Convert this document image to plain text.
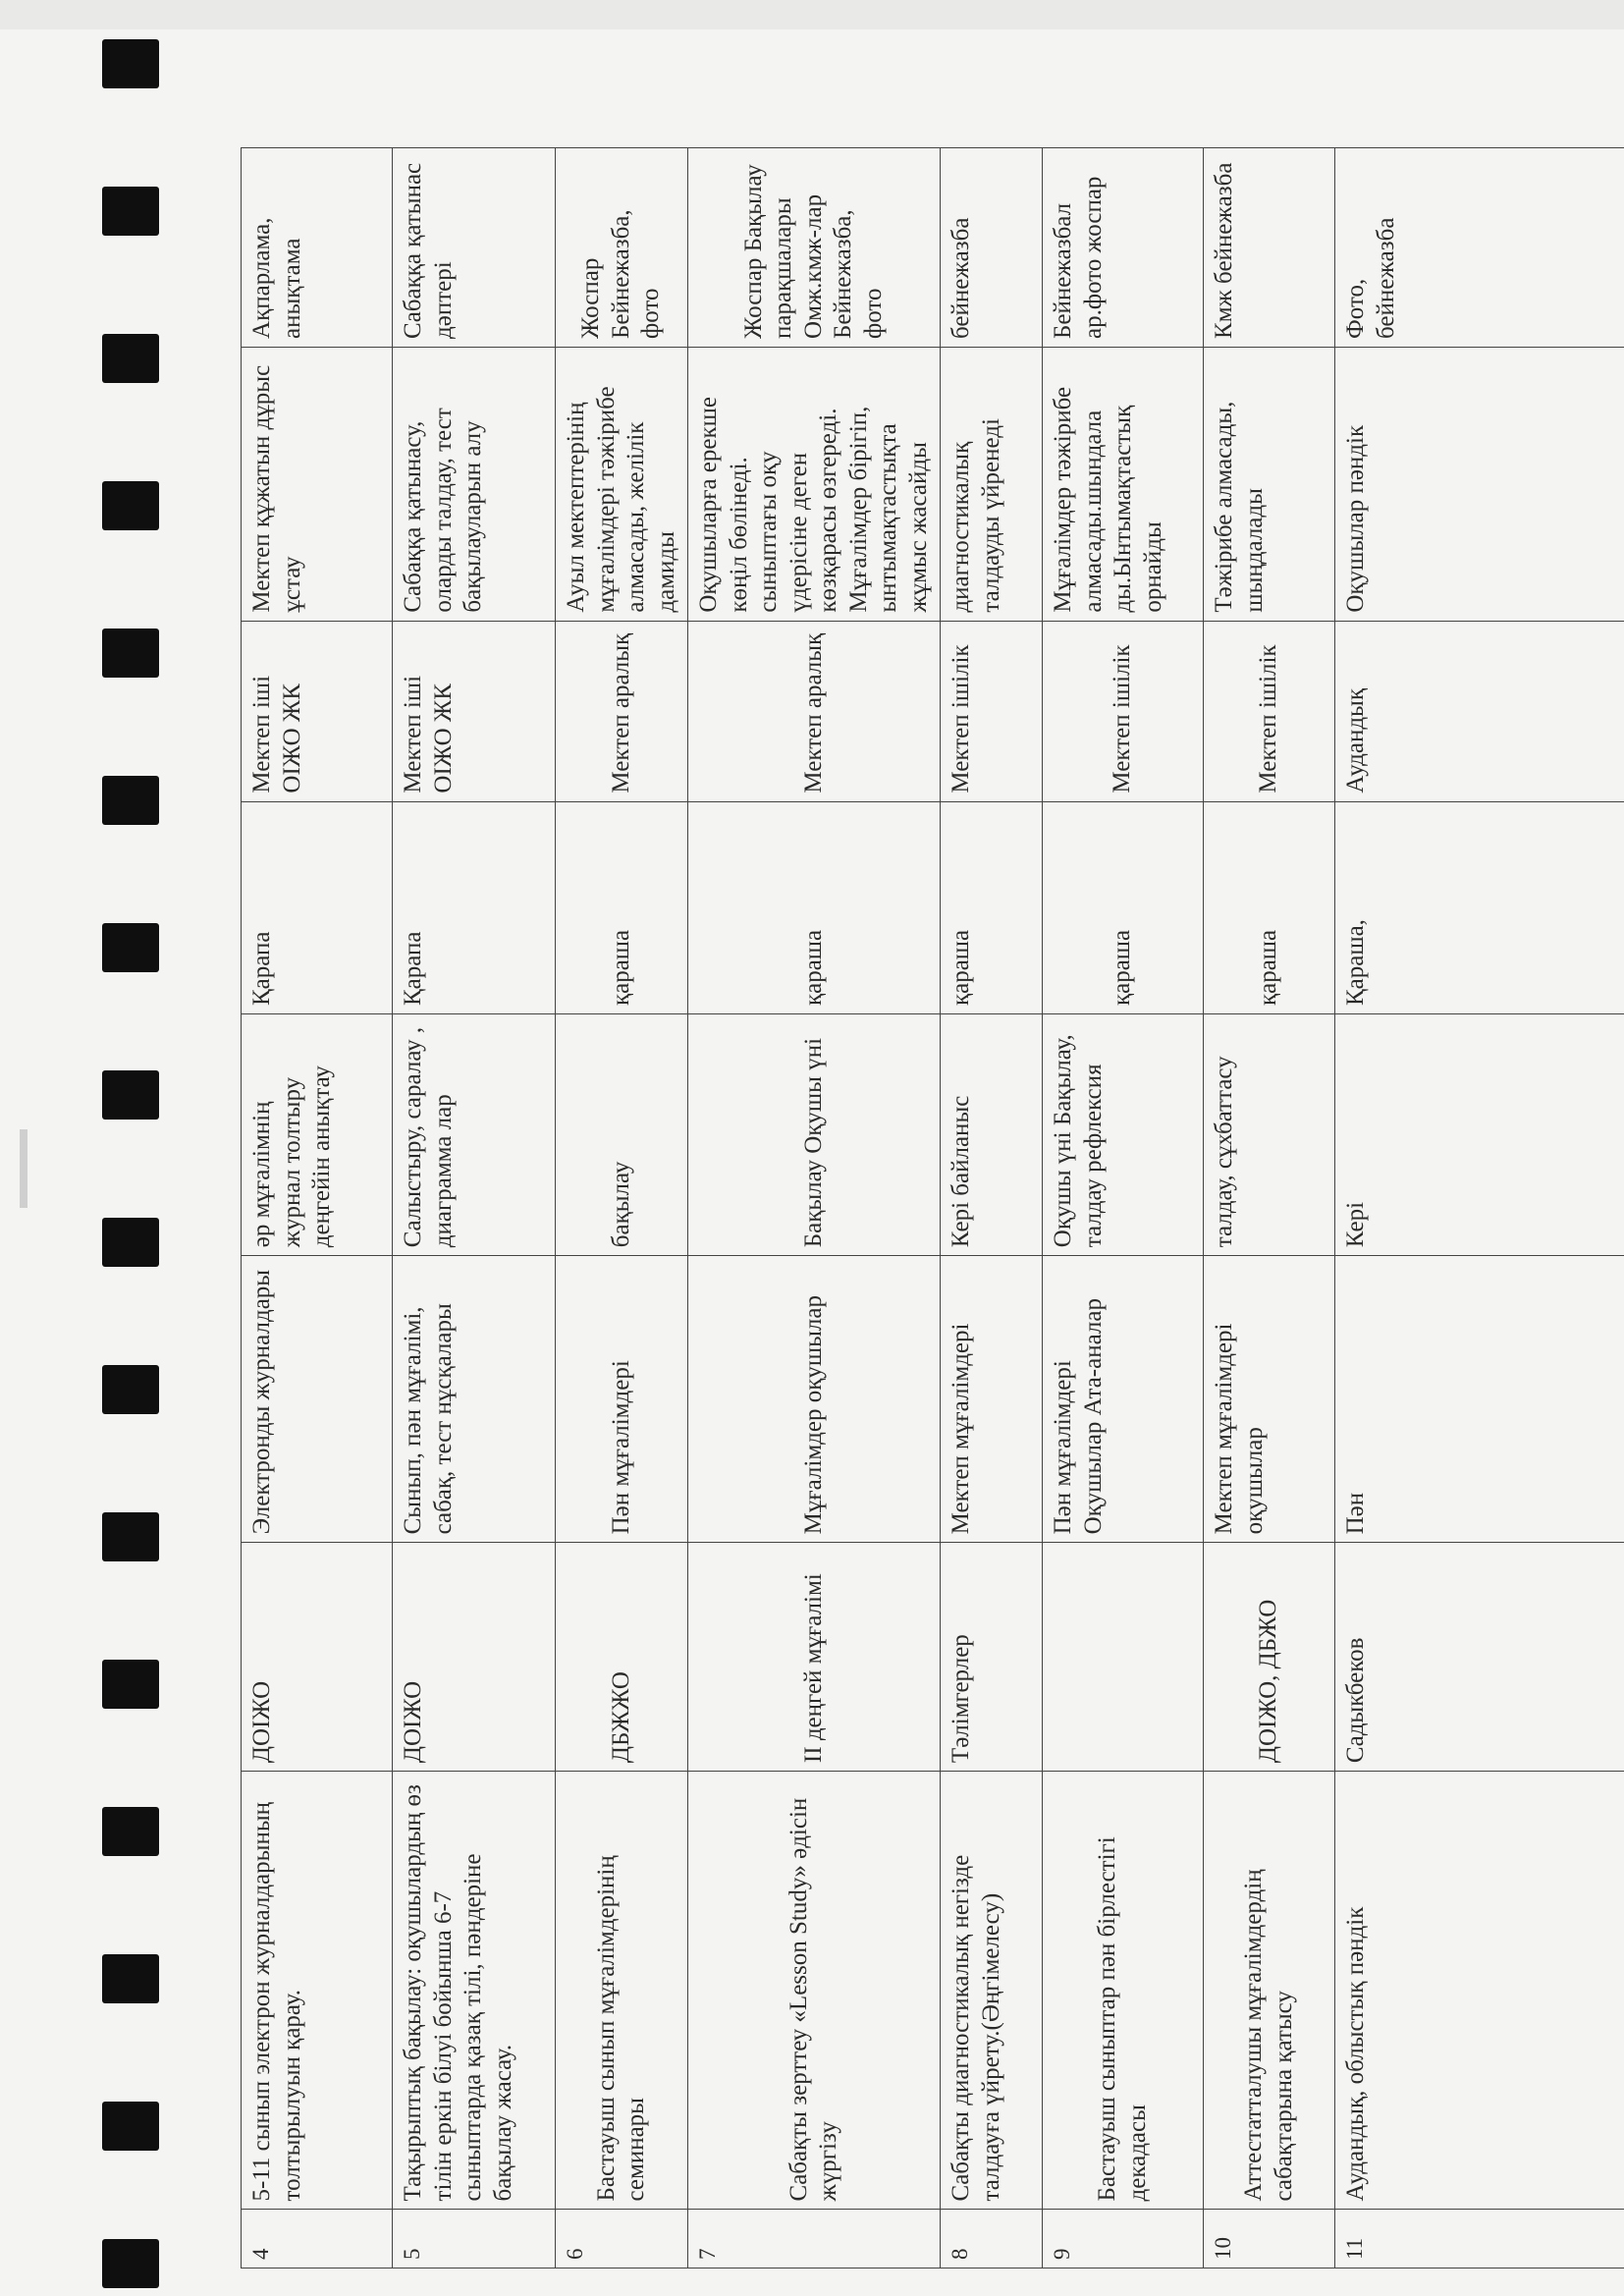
4	5-11 сынып электрон журналдарының толтырылуын қарау.	ДОІЖО	Электронды журналдары	әр мұғалімнің журнал толтыру деңгейін анықтау	Қарапа	Мектеп іші ОІЖО ЖК	Мектеп құжатын дұрыс ұстау	Ақпарлама, анықтама
5	Тақырыптық бақылау: оқушылардың өз тілін еркін білуі бойынша 6-7 сыныптарда қазақ тілі, пәндеріне бақылау жасау.	ДОІЖО	Сынып, пән мұғалімі, сабақ, тест нұсқалары	Салыстыру, саралау , диаграмма лар	Қарапа	Мектеп іші ОІЖО ЖК	Сабаққа қатынасу, оларды талдау, тест бақылауларын алу	Сабаққа қатынас дәптері
6	Бастауыш сынып мұғалімдерінің семинары	ДБЖЖО	Пән мұғалімдері	бақылау	қараша	Мектеп аралық	Ауыл мектептерінің мұғалімдері тәжірибе алмасады, желілік дамиды	Жоспар Бейнежазба, фото
7	Сабақты зерттеу «Lesson Study» әдісін жүргізу	ІІ деңгей мұғалімі	Мұғалімдер оқушылар	Бақылау Оқушы үні	қараша	Мектеп аралық	Оқушыларға ерекше көңіл бөлінеді. сыныптағы оқу үдерісіне деген көзқарасы өзгереді. Мұғалімдер бірігіп, ынтымақтастықта жұмыс жасайды	Жоспар Бақылау парақшалары Омж.кмж-лар Бейнежазба, фото
8	Сабақты диагностикалық негізде талдауға үйрету.(Әңгімелесу)	Тәлімгерлер	Мектеп мұғалімдері	Кері байланыс	қараша	Мектеп ішілік	диагностикалық талдауды үйренеді	бейнежазба
9	Бастауыш сыныптар пән бірлестігі декадасы		Пән мұғалімдері Оқушылар Ата-аналар	Оқушы үні Бақылау, талдау рефлексия	қараша	Мектеп ішілік	Мұғалімдер тәжірибе алмасады.шындала ды.Ынтымақтастық орнайды	Бейнежазбал ар.фото жоспар
10	Аттестатталушы мұғалімдердің сабақтарына қатысу	ДОІЖО, ДБЖО	Мектеп мұғалімдері оқушылар	талдау, сұхбаттасу	қараша	Мектеп ішілік	Тәжірибе алмасады, шыңдалады	Кмж бейнежазба
11	Аудандық, облыстық пәндік	Садыкбеков	Пән	Кері	Қараша,	Аудандық	Оқушылар пәндік	Фото, бейнежазба
